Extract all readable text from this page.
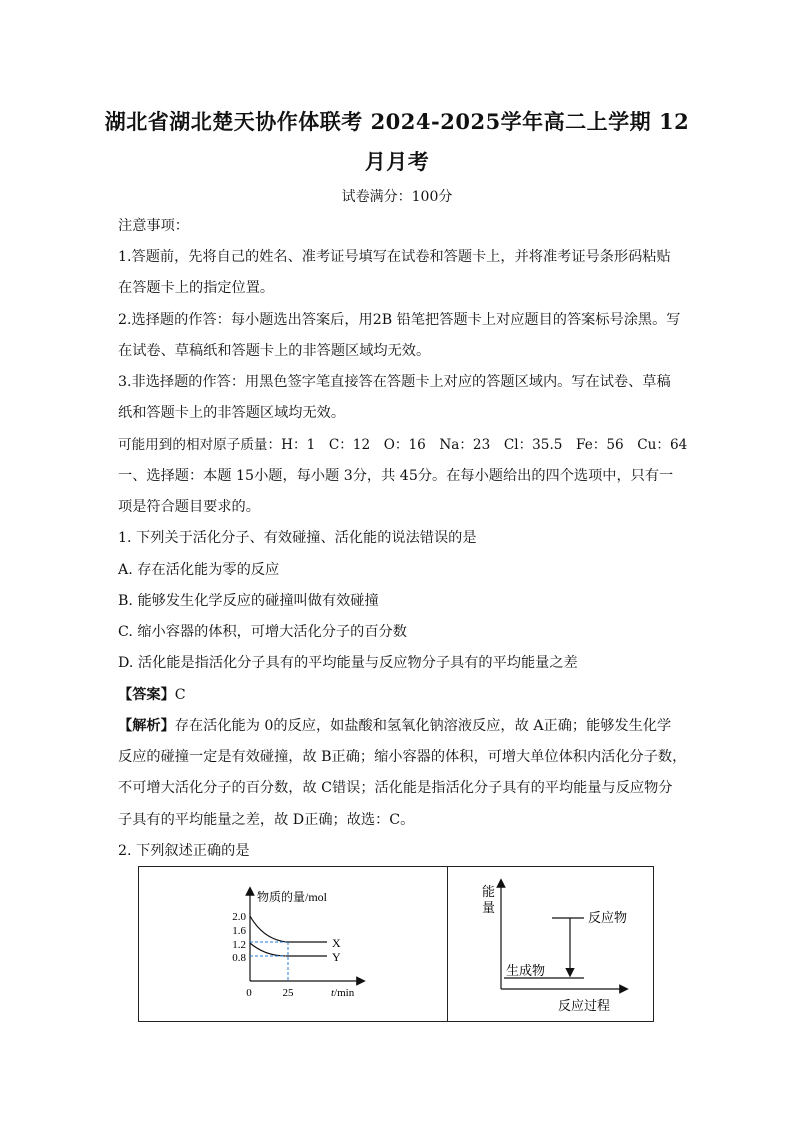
湖北省湖北楚天协作体联考 2024-2025学年高二上学期 12
月月考
试卷满分：100分
注意事项：
1.答题前，先将自己的姓名、准考证号填写在试卷和答题卡上，并将准考证号条形码粘贴
在答题卡上的指定位置。
2.选择题的作答：每小题选出答案后，用2B 铅笔把答题卡上对应题目的答案标号涂黑。写
在试卷、草稿纸和答题卡上的非答题区域均无效。
3.非选择题的作答：用黑色签字笔直接答在答题卡上对应的答题区域内。写在试卷、草稿
纸和答题卡上的非答题区域均无效。
可能用到的相对原子质量：H：1　C：12　O：16　Na：23　Cl：35.5　Fe：56　Cu：64
一、选择题：本题 15小题，每小题 3分，共 45分。在每小题给出的四个选项中，只有一
项是符合题目要求的。
1. 下列关于活化分子、有效碰撞、活化能的说法错误的是
A. 存在活化能为零的反应
B. 能够发生化学反应的碰撞叫做有效碰撞
C. 缩小容器的体积，可增大活化分子的百分数
D. 活化能是指活化分子具有的平均能量与反应物分子具有的平均能量之差
【答案】C
【解析】存在活化能为 0的反应，如盐酸和氢氧化钠溶液反应，故 A正确；能够发生化学
反应的碰撞一定是有效碰撞，故 B正确；缩小容器的体积，可增大单位体积内活化分子数，
不可增大活化分子的百分数，故 C错误；活化能是指活化分子具有的平均能量与反应物分
子具有的平均能量之差，故 D正确；故选：C。
2. 下列叙述正确的是
物质的量/mol
2.0
1.6
1.2
0.8
0	25	t/min
X
Y
能
量
反应物
生成物
反应过程
